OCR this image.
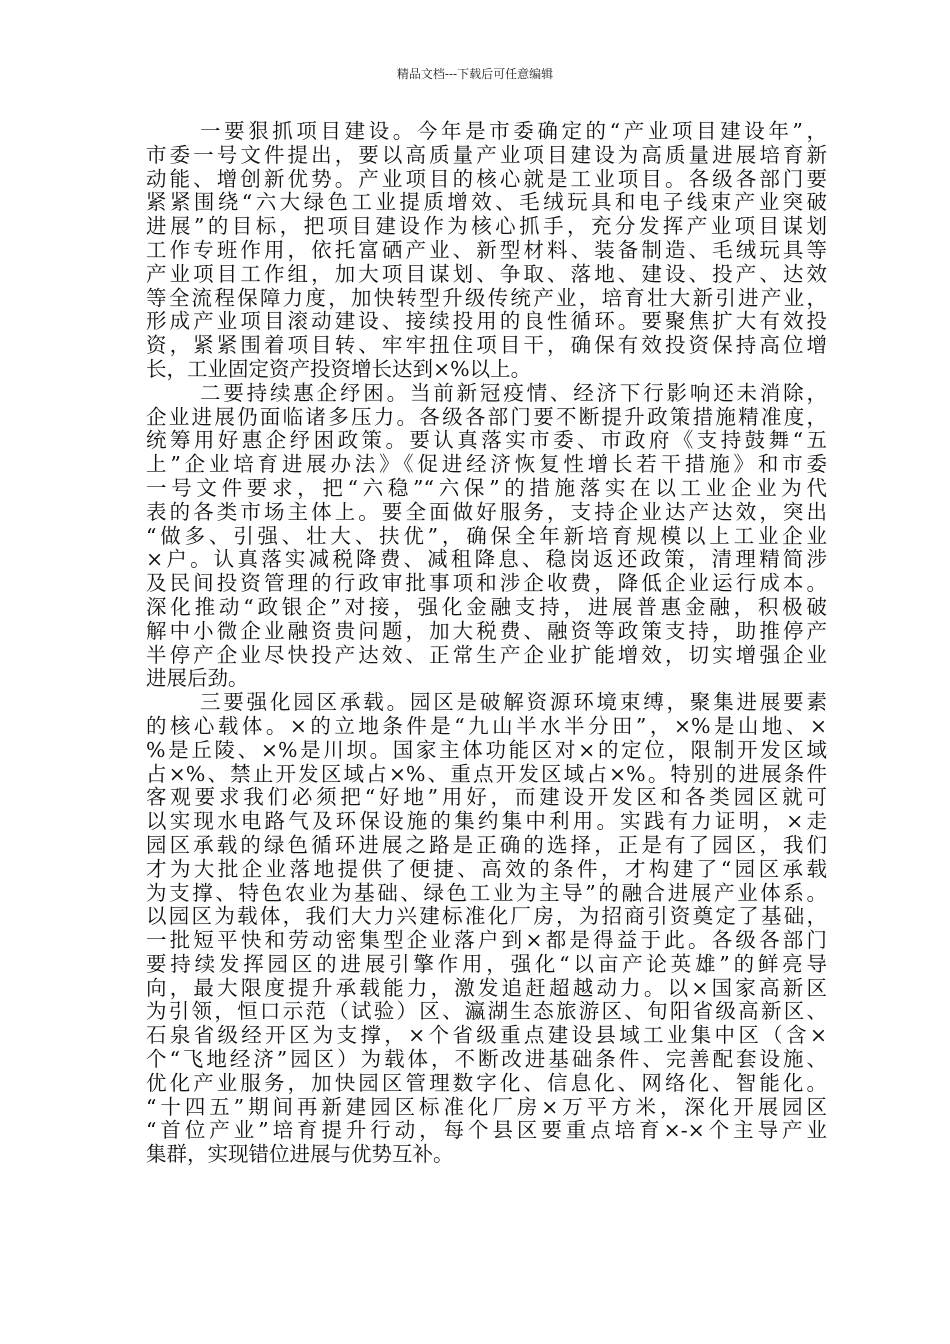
精品文档---下载后可任意编辑
一要狠抓项目建设。今年是市委确定的“产业项目建设年”，
市委一号文件提出，要以高质量产业项目建设为高质量进展培育新
动能、增创新优势。产业项目的核心就是工业项目。各级各部门要
紧紧围绕“六大绿色工业提质增效、毛绒玩具和电子线束产业突破
进展”的目标，把项目建设作为核心抓手，充分发挥产业项目谋划
工作专班作用，依托富硒产业、新型材料、装备制造、毛绒玩具等
产业项目工作组，加大项目谋划、争取、落地、建设、投产、达效
等全流程保障力度，加快转型升级传统产业，培育壮大新引进产业，
形成产业项目滚动建设、接续投用的良性循环。要聚焦扩大有效投
资，紧紧围着项目转、牢牢扭住项目干，确保有效投资保持高位增
长，工业固定资产投资增长达到×%以上。
二要持续惠企纾困。当前新冠疫情、经济下行影响还未消除，
企业进展仍面临诸多压力。各级各部门要不断提升政策措施精准度，
统筹用好惠企纾困政策。要认真落实市委、市政府《支持鼓舞“五
上”企业培育进展办法》《促进经济恢复性增长若干措施》和市委
一号文件要求，把“六稳”“六保”的措施落实在以工业企业为代
表的各类市场主体上。要全面做好服务，支持企业达产达效，突出
“做多、引强、壮大、扶优”，确保全年新培育规模以上工业企业
×户。认真落实减税降费、减租降息、稳岗返还政策，清理精简涉
及民间投资管理的行政审批事项和涉企收费，降低企业运行成本。
深化推动“政银企”对接，强化金融支持，进展普惠金融，积极破
解中小微企业融资贵问题，加大税费、融资等政策支持，助推停产
半停产企业尽快投产达效、正常生产企业扩能增效，切实增强企业
进展后劲。
三要强化园区承载。园区是破解资源环境束缚，聚集进展要素
的核心载体。×的立地条件是“九山半水半分田”，×%是山地、×
%是丘陵、×%是川坝。国家主体功能区对×的定位，限制开发区域
占×%、禁止开发区域占×%、重点开发区域占×%。特别的进展条件
客观要求我们必须把“好地”用好，而建设开发区和各类园区就可
以实现水电路气及环保设施的集约集中利用。实践有力证明，×走
园区承载的绿色循环进展之路是正确的选择，正是有了园区，我们
才为大批企业落地提供了便捷、高效的条件，才构建了“园区承载
为支撑、特色农业为基础、绿色工业为主导”的融合进展产业体系。
以园区为载体，我们大力兴建标准化厂房，为招商引资奠定了基础，
一批短平快和劳动密集型企业落户到×都是得益于此。各级各部门
要持续发挥园区的进展引擎作用，强化“以亩产论英雄”的鲜亮导
向，最大限度提升承载能力，激发追赶超越动力。以×国家高新区
为引领，恒口示范（试验）区、瀛湖生态旅游区、旬阳省级高新区、
石泉省级经开区为支撑，×个省级重点建设县域工业集中区（含×
个“飞地经济”园区）为载体，不断改进基础条件、完善配套设施、
优化产业服务，加快园区管理数字化、信息化、网络化、智能化。
“十四五”期间再新建园区标准化厂房×万平方米，深化开展园区
“首位产业”培育提升行动，每个县区要重点培育×-×个主导产业
集群，实现错位进展与优势互补。
